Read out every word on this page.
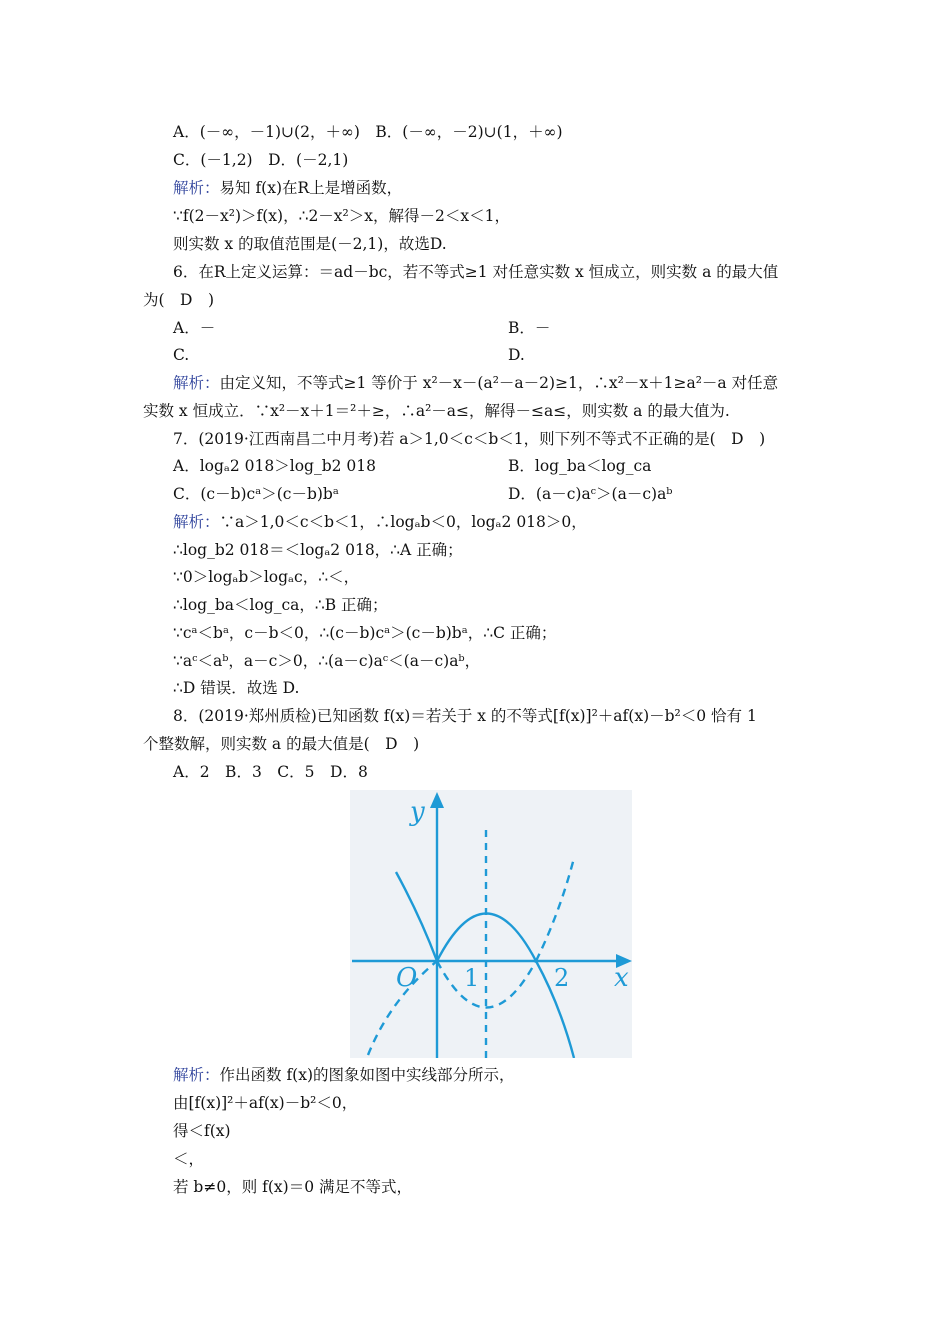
A．(－∞，－1)∪(2，＋∞)　B．(－∞，－2)∪(1，＋∞)
C．(－1,2)　D．(－2,1)
解析：易知 f(x)在R上是增函数，
∵f(2－x²)＞f(x)，∴2－x²＞x，解得－2＜x＜1，
则实数 x 的取值范围是(－2,1)，故选D.
6．在R上定义运算：＝ad－bc，若不等式≥1 对任意实数 x 恒成立，则实数 a 的最大值
为(　D　)
A．－	B．－
C.	D.
解析：由定义知，不等式≥1 等价于 x²－x－(a²－a－2)≥1，∴x²－x＋1≥a²－a 对任意
实数 x 恒成立．∵x²－x＋1＝²＋≥，∴a²－a≤，解得－≤a≤，则实数 a 的最大值为.
7．(2019·江西南昌二中月考)若 a＞1,0＜c＜b＜1，则下列不等式不正确的是(　D　)
A．logₐ2 018＞log_b2 018	B．log_ba＜log_ca
C．(c－b)cᵃ＞(c－b)bᵃ	D．(a－c)aᶜ＞(a－c)aᵇ
解析：∵a＞1,0＜c＜b＜1，∴logₐb＜0，logₐ2 018＞0，
∴log_b2 018＝＜logₐ2 018，∴A 正确；
∵0＞logₐb＞logₐc，∴＜，
∴log_ba＜log_ca，∴B 正确；
∵cᵃ＜bᵃ，c－b＜0，∴(c－b)cᵃ＞(c－b)bᵃ，∴C 正确；
∵aᶜ＜aᵇ，a－c＞0，∴(a－c)aᶜ＜(a－c)aᵇ，
∴D 错误．故选 D.
8．(2019·郑州质检)已知函数 f(x)＝若关于 x 的不等式[f(x)]²＋af(x)－b²＜0 恰有 1
个整数解，则实数 a 的最大值是(　D　)
A．2　B．3　C．5　D．8
y
x
O 1	2
解析：作出函数 f(x)的图象如图中实线部分所示，
由[f(x)]²＋af(x)－b²＜0，
得＜f(x)
＜，
若 b≠0，则 f(x)＝0 满足不等式，
